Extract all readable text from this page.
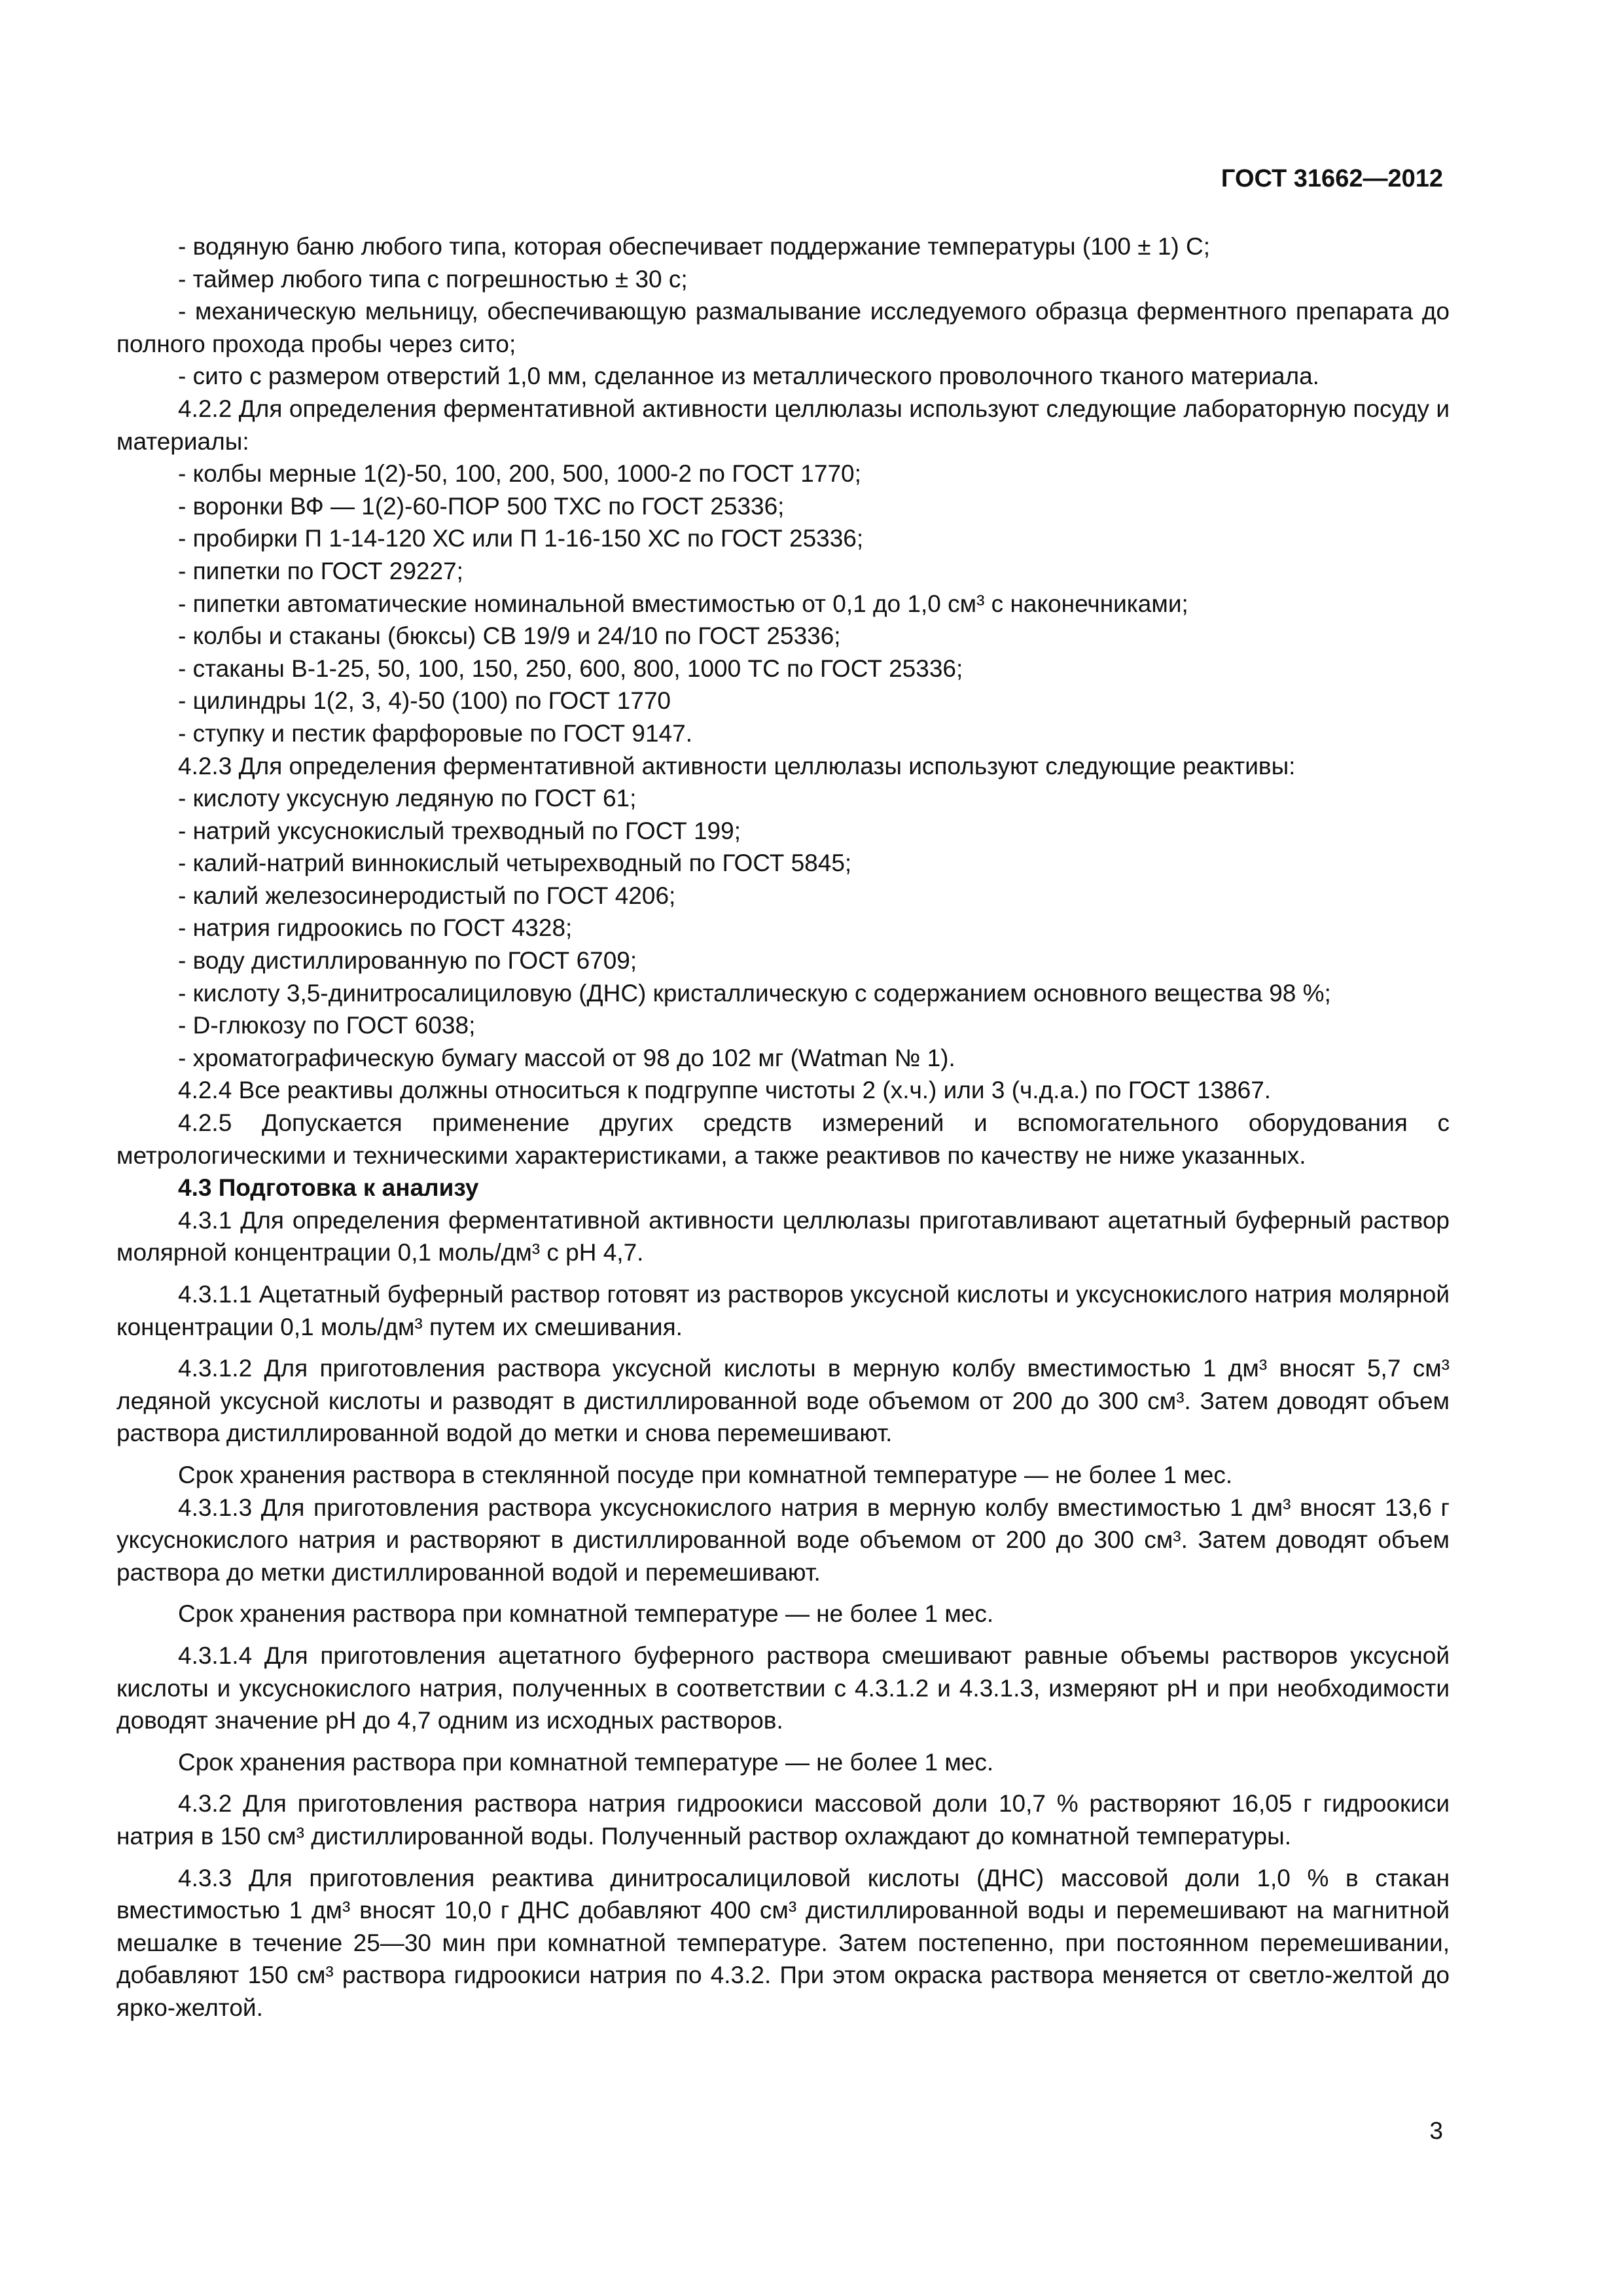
ГОСТ 31662—2012

- водяную баню любого типа, которая обеспечивает поддержание температуры (100 ± 1) С;

- таймер любого типа с погрешностью ± 30 с;

- механическую мельницу, обеспечивающую размалывание исследуемого образца ферментного препарата до полного прохода пробы через сито;

- сито с размером отверстий 1,0 мм, сделанное из металлического проволочного тканого материала.

4.2.2 Для определения ферментативной активности целлюлазы используют следующие лабораторную посуду и материалы:

- колбы мерные 1(2)-50, 100, 200, 500, 1000-2 по ГОСТ 1770;

- воронки ВФ — 1(2)-60-ПОР 500 ТХС по ГОСТ 25336;

- пробирки П 1-14-120 ХС или П 1-16-150 ХС по ГОСТ 25336;

- пипетки по ГОСТ 29227;

- пипетки автоматические номинальной вместимостью от 0,1 до 1,0 см³ с наконечниками;

- колбы и стаканы (бюксы) СВ 19/9 и 24/10 по ГОСТ 25336;

- стаканы В-1-25, 50, 100, 150, 250, 600, 800, 1000 ТС по ГОСТ 25336;

- цилиндры 1(2, 3, 4)-50 (100) по ГОСТ 1770

- ступку и пестик фарфоровые по ГОСТ 9147.

4.2.3 Для определения ферментативной активности целлюлазы используют следующие реактивы:

- кислоту уксусную ледяную по ГОСТ 61;

- натрий уксуснокислый трехводный по ГОСТ 199;

- калий-натрий виннокислый четырехводный по ГОСТ 5845;

- калий железосинеродистый по ГОСТ 4206;

- натрия гидроокись по ГОСТ 4328;

- воду дистиллированную по ГОСТ 6709;

- кислоту 3,5-динитросалициловую (ДНС) кристаллическую с содержанием основного вещества 98 %;

- D-глюкозу по ГОСТ 6038;

- хроматографическую бумагу массой от 98 до 102 мг (Watman № 1).

4.2.4 Все реактивы должны относиться к подгруппе чистоты 2 (х.ч.) или 3 (ч.д.а.) по ГОСТ 13867.

4.2.5 Допускается применение других средств измерений и вспомогательного оборудования с метрологическими и техническими характеристиками, а также реактивов по качеству не ниже указанных.

4.3 Подготовка к анализу

4.3.1 Для определения ферментативной активности целлюлазы приготавливают ацетатный буферный раствор молярной концентрации 0,1 моль/дм³ с рН 4,7.

4.3.1.1 Ацетатный буферный раствор готовят из растворов уксусной кислоты и уксуснокислого натрия молярной концентрации 0,1 моль/дм³ путем их смешивания.

4.3.1.2 Для приготовления раствора уксусной кислоты в мерную колбу вместимостью 1 дм³ вносят 5,7 см³ ледяной уксусной кислоты и разводят в дистиллированной воде объемом от 200 до 300 см³. Затем доводят объем раствора дистиллированной водой до метки и снова перемешивают.

Срок хранения раствора в стеклянной посуде при комнатной температуре — не более 1 мес.

4.3.1.3 Для приготовления раствора уксуснокислого натрия в мерную колбу вместимостью 1 дм³ вносят 13,6 г уксуснокислого натрия и растворяют в дистиллированной воде объемом от 200 до 300 см³. Затем доводят объем раствора до метки дистиллированной водой и перемешивают.

Срок хранения раствора при комнатной температуре — не более 1 мес.

4.3.1.4 Для приготовления ацетатного буферного раствора смешивают равные объемы растворов уксусной кислоты и уксуснокислого натрия, полученных в соответствии с 4.3.1.2 и 4.3.1.3, измеряют рН и при необходимости доводят значение рН до 4,7 одним из исходных растворов.

Срок хранения раствора при комнатной температуре — не более 1 мес.

4.3.2 Для приготовления раствора натрия гидроокиси массовой доли 10,7 % растворяют 16,05 г гидроокиси натрия в 150 см³ дистиллированной воды. Полученный раствор охлаждают до комнатной температуры.

4.3.3 Для приготовления реактива динитросалициловой кислоты (ДНС) массовой доли 1,0 % в стакан вместимостью 1 дм³ вносят 10,0 г ДНС добавляют 400 см³ дистиллированной воды и перемешивают на магнитной мешалке в течение 25—30 мин при комнатной температуре. Затем постепенно, при постоянном перемешивании, добавляют 150 см³ раствора гидроокиси натрия по 4.3.2. При этом окраска раствора меняется от светло-желтой до ярко-желтой.

3
